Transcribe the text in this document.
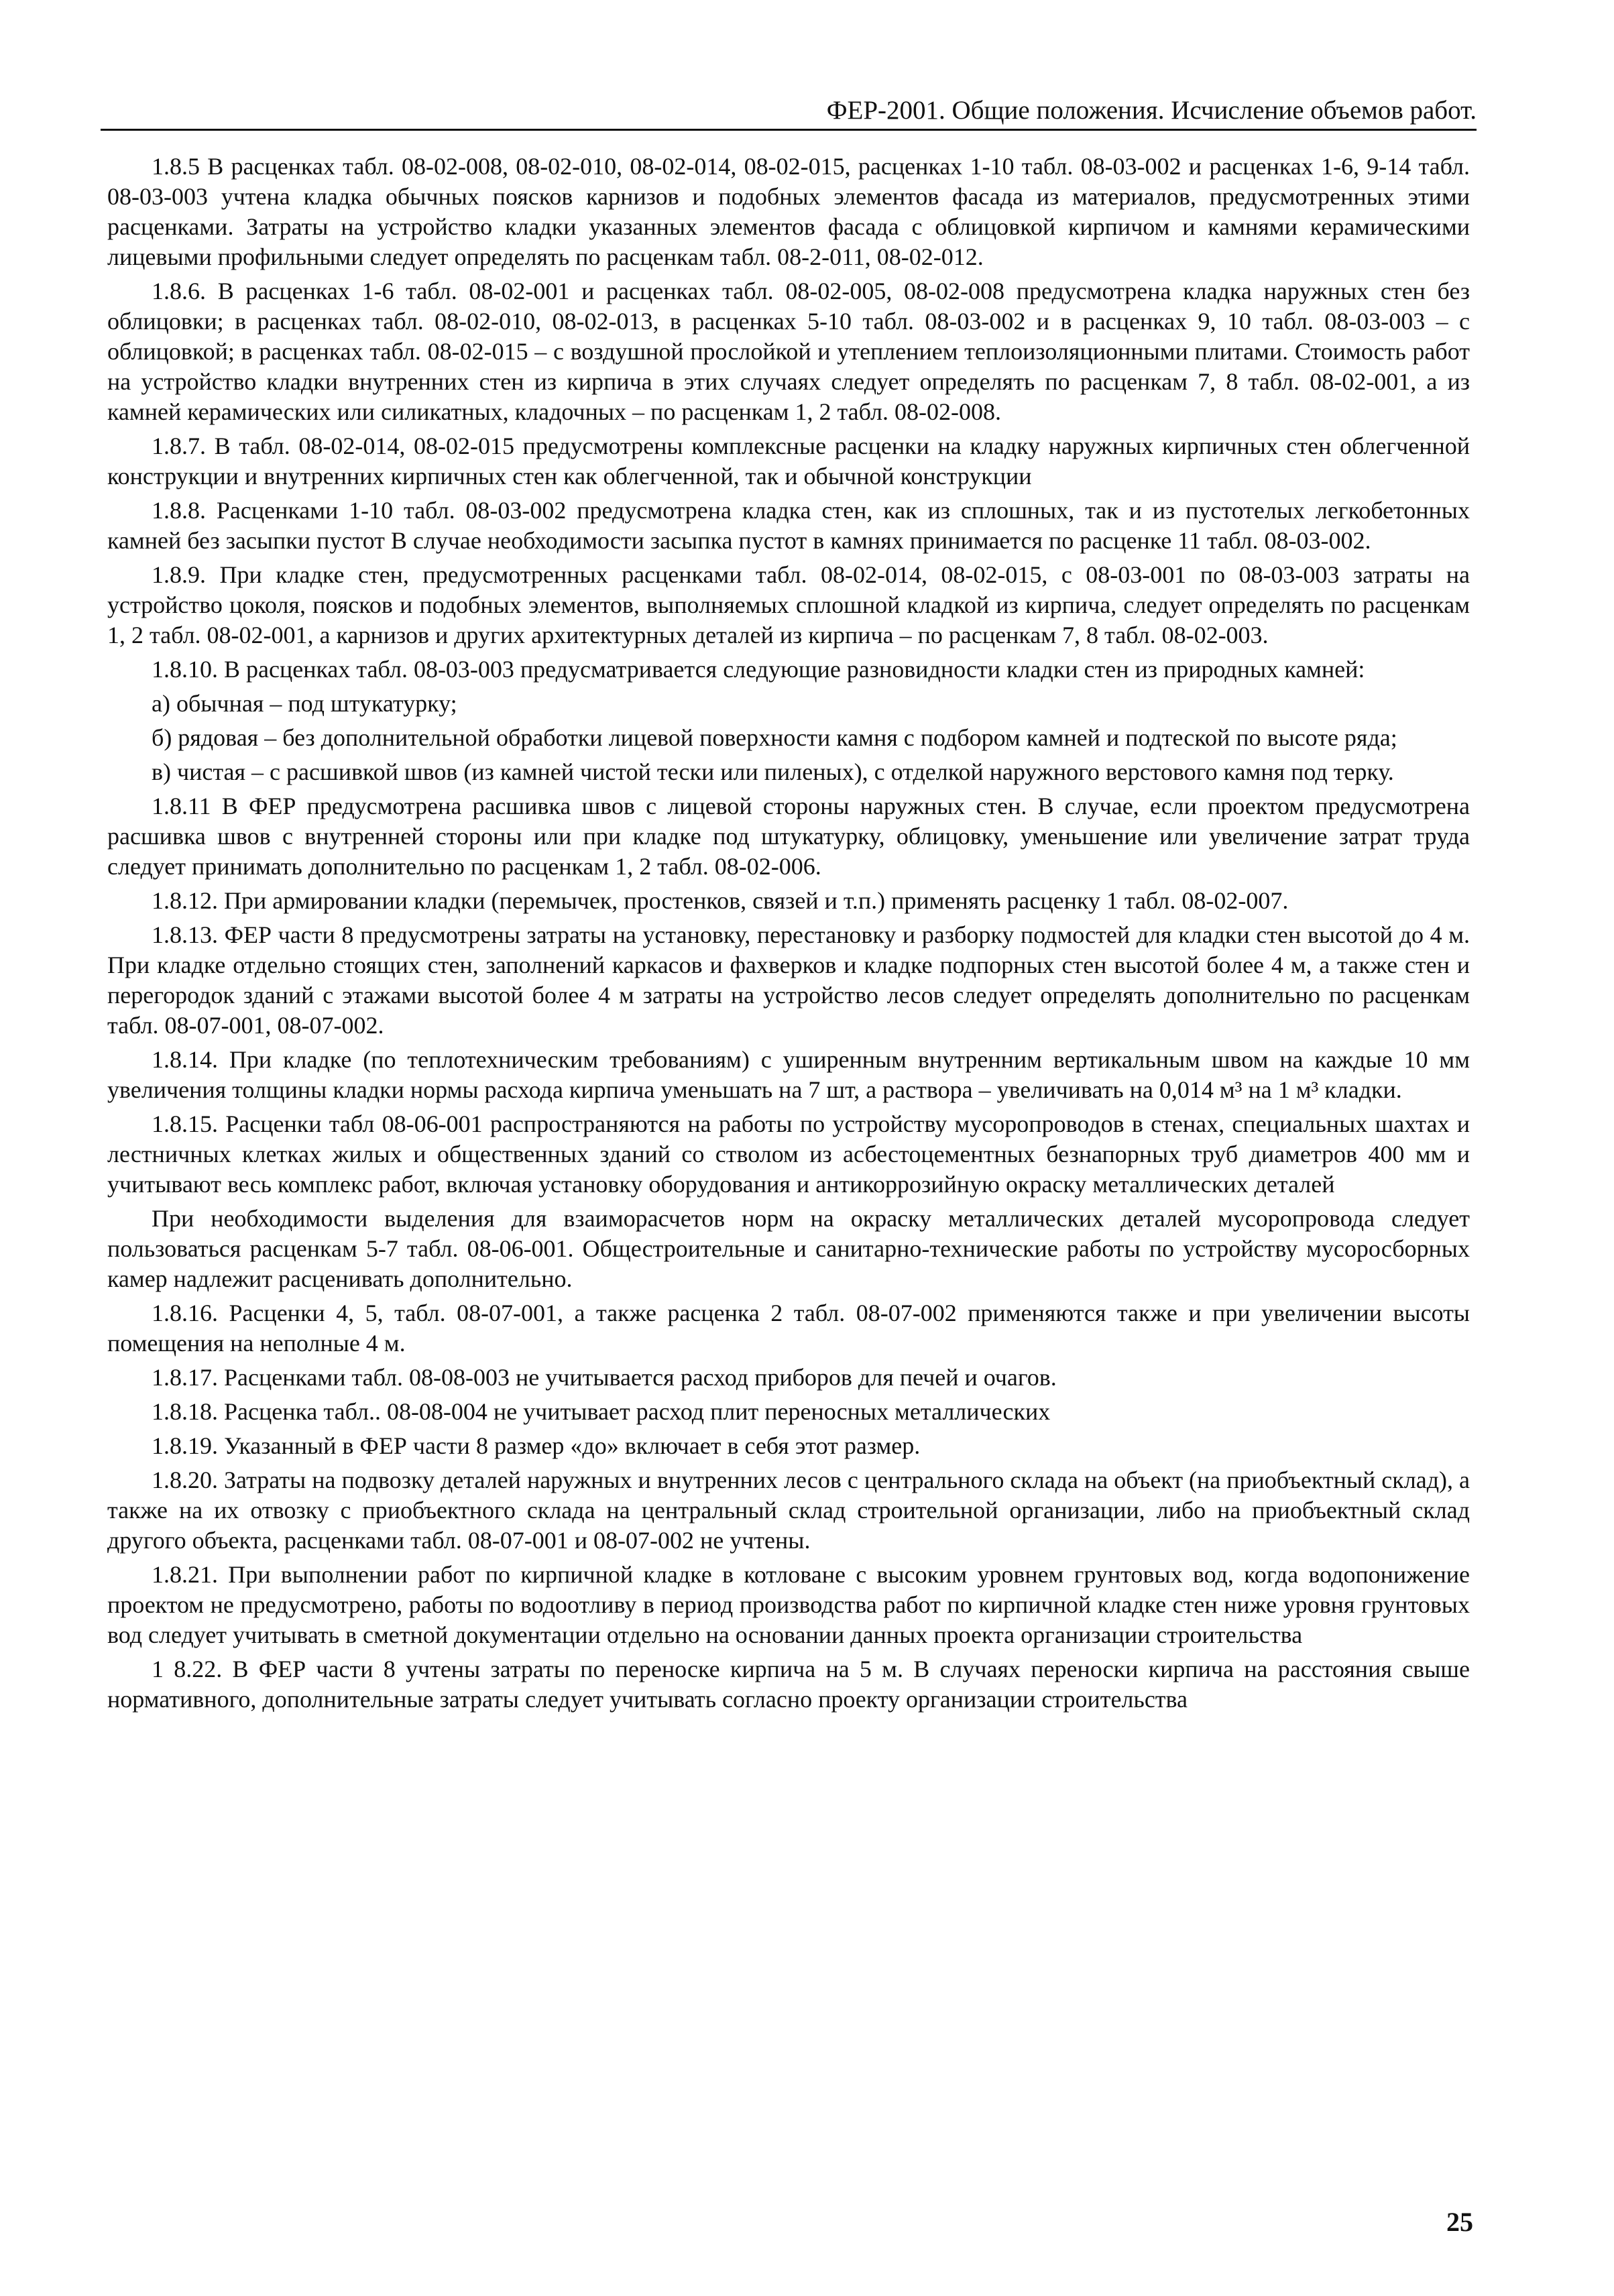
ФЕР-2001. Общие положения. Исчисление объемов работ.

1.8.5 В расценках табл. 08-02-008, 08-02-010, 08-02-014, 08-02-015, расценках 1-10 табл. 08-03-002 и расценках 1-6, 9-14 табл. 08-03-003 учтена кладка обычных поясков карнизов и подобных элементов фасада из материалов, предусмотренных этими расценками. Затраты на устройство кладки указанных элементов фасада с облицовкой кирпичом и камнями керамическими лицевыми профильными следует определять по расценкам табл. 08-2-011, 08-02-012.

1.8.6. В расценках 1-6 табл. 08-02-001 и расценках табл. 08-02-005, 08-02-008 предусмотрена кладка наружных стен без облицовки; в расценках табл. 08-02-010, 08-02-013, в расценках 5-10 табл. 08-03-002 и в расценках 9, 10 табл. 08-03-003 – с облицовкой; в расценках табл. 08-02-015 – с воздушной прослойкой и утеплением теплоизоляционными плитами. Стоимость работ на устройство кладки внутренних стен из кирпича в этих случаях следует определять по расценкам 7, 8 табл. 08-02-001, а из камней керамических или силикатных, кладочных – по расценкам 1, 2 табл. 08-02-008.

1.8.7. В табл. 08-02-014, 08-02-015 предусмотрены комплексные расценки на кладку наружных кирпичных стен облегченной конструкции и внутренних кирпичных стен как облегченной, так и обычной конструкции

1.8.8. Расценками 1-10 табл. 08-03-002 предусмотрена кладка стен, как из сплошных, так и из пустотелых легкобетонных камней без засыпки пустот В случае необходимости засыпка пустот в камнях принимается по расценке 11 табл. 08-03-002.

1.8.9. При кладке стен, предусмотренных расценками табл. 08-02-014, 08-02-015, с 08-03-001 по 08-03-003 затраты на устройство цоколя, поясков и подобных элементов, выполняемых сплошной кладкой из кирпича, следует определять по расценкам 1, 2 табл. 08-02-001, а карнизов и других архитектурных деталей из кирпича – по расценкам 7, 8 табл. 08-02-003.

1.8.10. В расценках табл. 08-03-003 предусматривается следующие разновидности кладки стен из природных камней:

а) обычная – под штукатурку;

б) рядовая – без дополнительной обработки лицевой поверхности камня с подбором камней и подтеской по высоте ряда;

в) чистая – с расшивкой швов (из камней чистой тески или пиленых), с отделкой наружного верстового камня под терку.

1.8.11 В ФЕР предусмотрена расшивка швов с лицевой стороны наружных стен. В случае, если проектом предусмотрена расшивка швов с внутренней стороны или при кладке под штукатурку, облицовку, уменьшение или увеличение затрат труда следует принимать дополнительно по расценкам 1, 2 табл. 08-02-006.

1.8.12. При армировании кладки (перемычек, простенков, связей и т.п.) применять расценку 1 табл. 08-02-007.

1.8.13. ФЕР части 8 предусмотрены затраты на установку, перестановку и разборку подмостей для кладки стен высотой до 4 м. При кладке отдельно стоящих стен, заполнений каркасов и фахверков и кладке подпорных стен высотой более 4 м, а также стен и перегородок зданий с этажами высотой более 4 м затраты на устройство лесов следует определять дополнительно по расценкам табл. 08-07-001, 08-07-002.

1.8.14. При кладке (по теплотехническим требованиям) с уширенным внутренним вертикальным швом на каждые 10 мм увеличения толщины кладки нормы расхода кирпича уменьшать на 7 шт, а раствора – увеличивать на 0,014 м³ на 1 м³ кладки.

1.8.15. Расценки табл 08-06-001 распространяются на работы по устройству мусоропроводов в стенах, специальных шахтах и лестничных клетках жилых и общественных зданий со стволом из асбестоцементных безнапорных труб диаметров 400 мм и учитывают весь комплекс работ, включая установку оборудования и антикоррозийную окраску металлических деталей

При необходимости выделения для взаиморасчетов норм на окраску металлических деталей мусоропровода следует пользоваться расценкам 5-7 табл. 08-06-001. Общестроительные и санитарно-технические работы по устройству мусоросборных камер надлежит расценивать дополнительно.

1.8.16. Расценки 4, 5, табл. 08-07-001, а также расценка 2 табл. 08-07-002 применяются также и при увеличении высоты помещения на неполные 4 м.

1.8.17. Расценками табл. 08-08-003 не учитывается расход приборов для печей и очагов.

1.8.18. Расценка табл.. 08-08-004 не учитывает расход плит переносных металлических

1.8.19. Указанный в ФЕР части 8 размер «до» включает в себя этот размер.

1.8.20. Затраты на подвозку деталей наружных и внутренних лесов с центрального склада на объект (на приобъектный склад), а также на их отвозку с приобъектного склада на центральный склад строительной организации, либо на приобъектный склад другого объекта, расценками табл. 08-07-001 и 08-07-002 не учтены.

1.8.21. При выполнении работ по кирпичной кладке в котловане с высоким уровнем грунтовых вод, когда водопонижение проектом не предусмотрено, работы по водоотливу в период производства работ по кирпичной кладке стен ниже уровня грунтовых вод следует учитывать в сметной документации отдельно на основании данных проекта организации строительства

1 8.22. В ФЕР части 8 учтены затраты по переноске кирпича на 5 м. В случаях переноски кирпича на расстояния свыше нормативного, дополнительные затраты следует учитывать согласно проекту организации строительства

25
